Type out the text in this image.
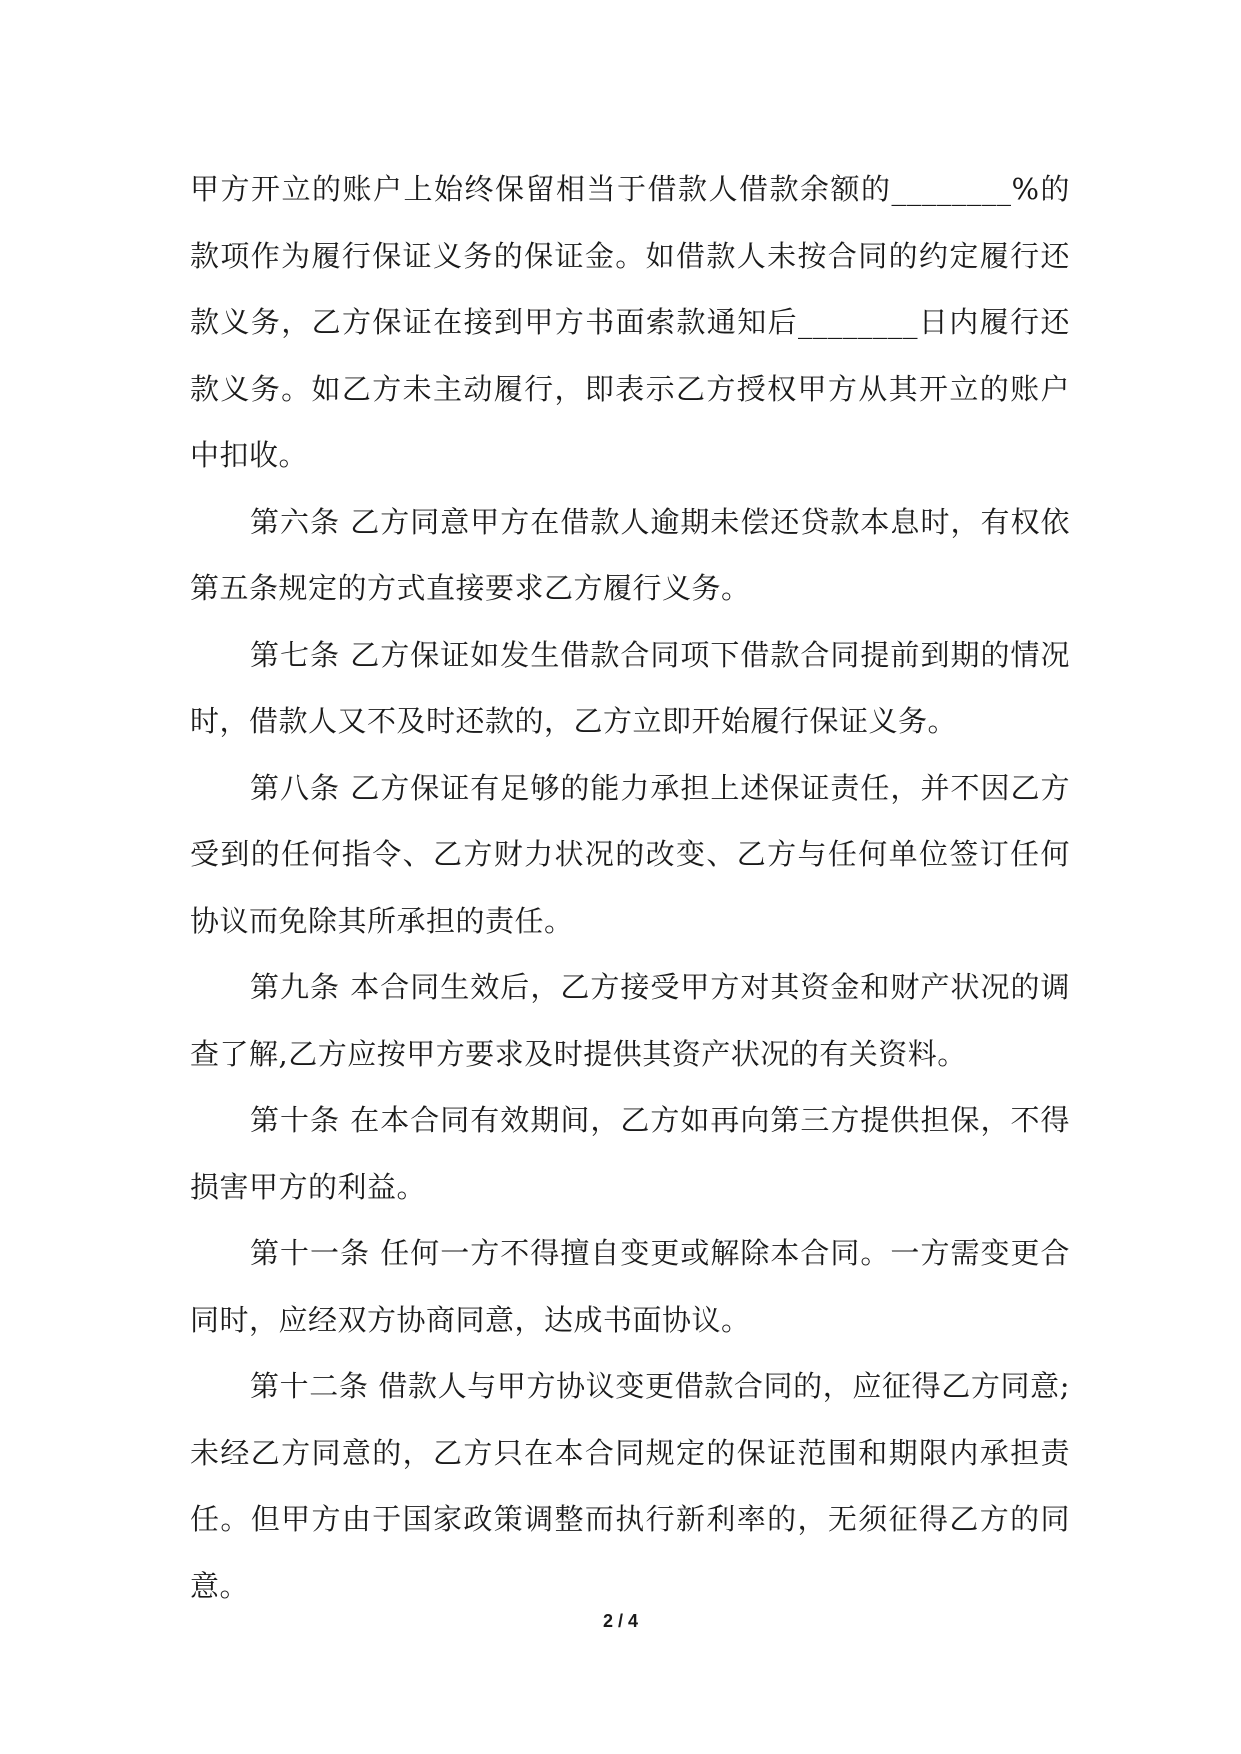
甲方开立的账户上始终保留相当于借款人借款余额的________%的款项作为履行保证义务的保证金。如借款人未按合同的约定履行还款义务，乙方保证在接到甲方书面索款通知后________日内履行还款义务。如乙方未主动履行，即表示乙方授权甲方从其开立的账户中扣收。

第六条 乙方同意甲方在借款人逾期未偿还贷款本息时，有权依第五条规定的方式直接要求乙方履行义务。

第七条 乙方保证如发生借款合同项下借款合同提前到期的情况时，借款人又不及时还款的，乙方立即开始履行保证义务。

第八条 乙方保证有足够的能力承担上述保证责任，并不因乙方受到的任何指令、乙方财力状况的改变、乙方与任何单位签订任何协议而免除其所承担的责任。

第九条 本合同生效后，乙方接受甲方对其资金和财产状况的调查了解,乙方应按甲方要求及时提供其资产状况的有关资料。

第十条 在本合同有效期间，乙方如再向第三方提供担保，不得损害甲方的利益。

第十一条 任何一方不得擅自变更或解除本合同。一方需变更合同时，应经双方协商同意，达成书面协议。

第十二条 借款人与甲方协议变更借款合同的，应征得乙方同意;未经乙方同意的，乙方只在本合同规定的保证范围和期限内承担责任。但甲方由于国家政策调整而执行新利率的，无须征得乙方的同意。

2 / 4
